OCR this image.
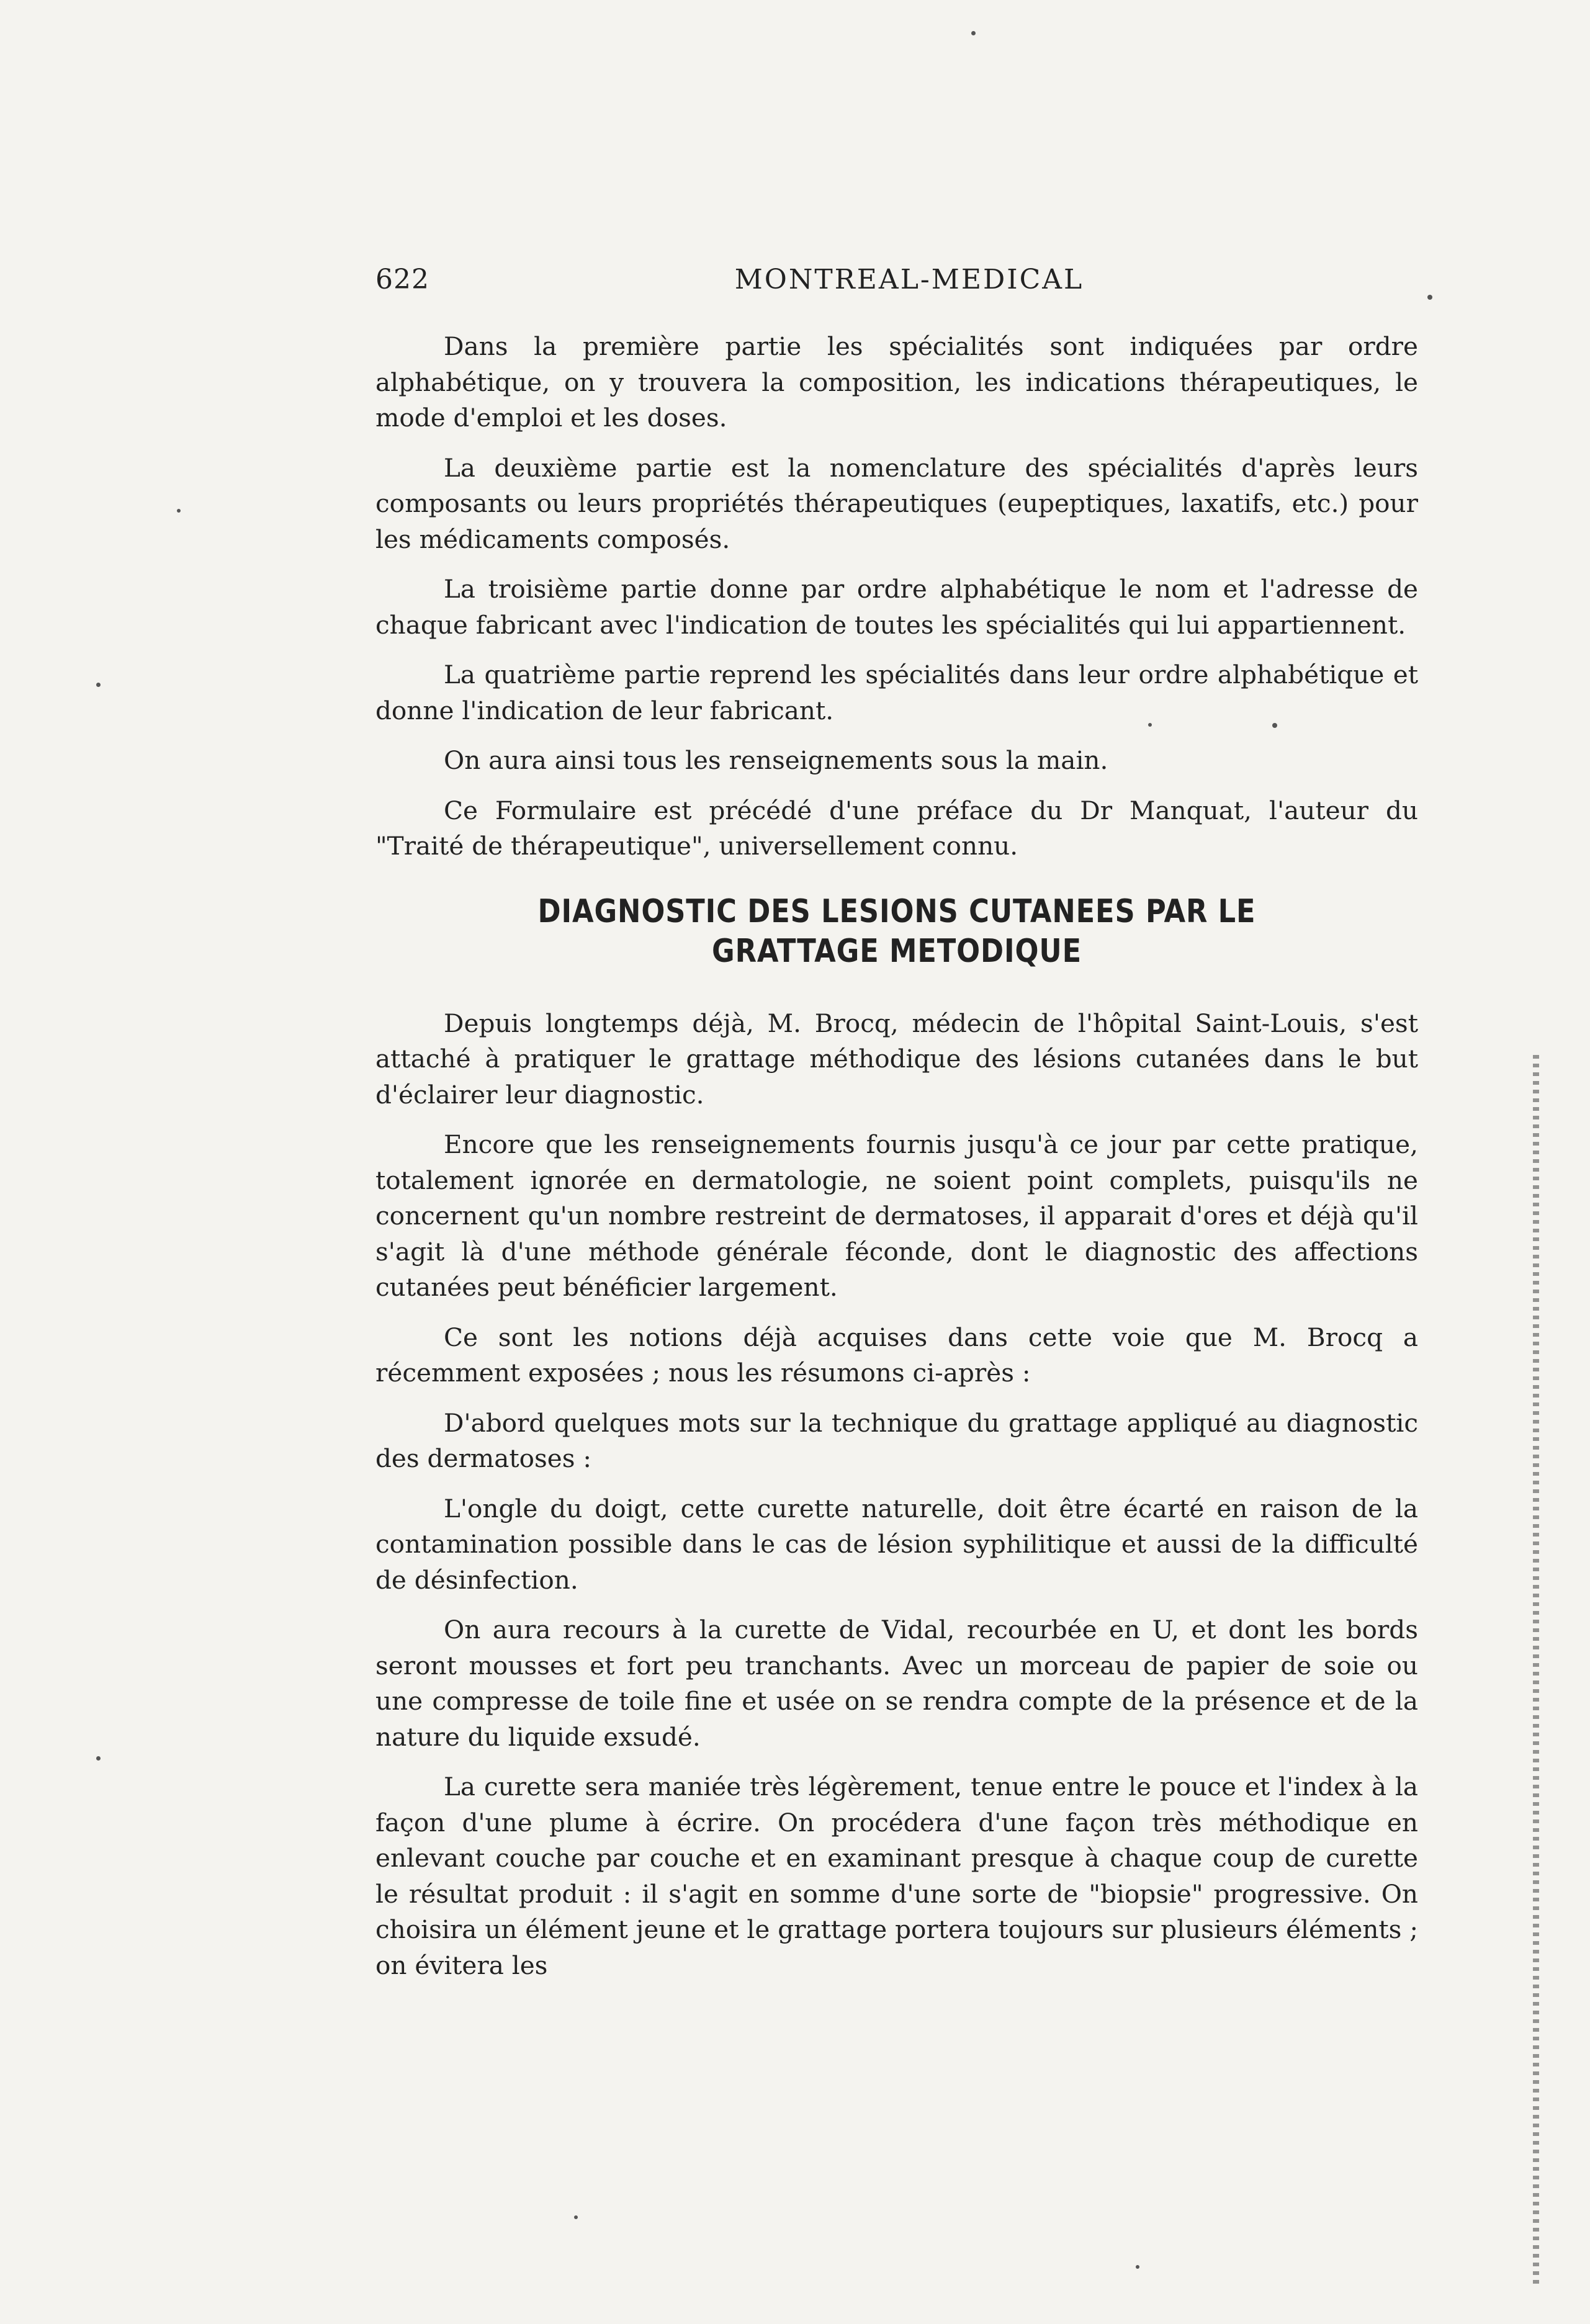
622	MONTREAL-MEDICAL

Dans la première partie les spécialités sont indiquées par ordre alphabétique, on y trouvera la composition, les indications thérapeutiques, le mode d'emploi et les doses.

La deuxième partie est la nomenclature des spécialités d'après leurs composants ou leurs propriétés thérapeutiques (eupeptiques, laxatifs, etc.) pour les médicaments composés.

La troisième partie donne par ordre alphabétique le nom et l'adresse de chaque fabricant avec l'indication de toutes les spécialités qui lui appartiennent.

La quatrième partie reprend les spécialités dans leur ordre alphabétique et donne l'indication de leur fabricant.

On aura ainsi tous les renseignements sous la main.

Ce Formulaire est précédé d'une préface du Dr Manquat, l'auteur du "Traité de thérapeutique", universellement connu.

DIAGNOSTIC DES LESIONS CUTANEES PAR LE GRATTAGE METODIQUE

Depuis longtemps déjà, M. Brocq, médecin de l'hôpital Saint-Louis, s'est attaché à pratiquer le grattage méthodique des lésions cutanées dans le but d'éclairer leur diagnostic.

Encore que les renseignements fournis jusqu'à ce jour par cette pratique, totalement ignorée en dermatologie, ne soient point complets, puisqu'ils ne concernent qu'un nombre restreint de dermatoses, il apparait d'ores et déjà qu'il s'agit là d'une méthode générale féconde, dont le diagnostic des affections cutanées peut bénéficier largement.

Ce sont les notions déjà acquises dans cette voie que M. Brocq a récemment exposées ; nous les résumons ci-après :

D'abord quelques mots sur la technique du grattage appliqué au diagnostic des dermatoses :

L'ongle du doigt, cette curette naturelle, doit être écarté en raison de la contamination possible dans le cas de lésion syphilitique et aussi de la difficulté de désinfection.

On aura recours à la curette de Vidal, recourbée en U, et dont les bords seront mousses et fort peu tranchants. Avec un morceau de papier de soie ou une compresse de toile fine et usée on se rendra compte de la présence et de la nature du liquide exsudé.

La curette sera maniée très légèrement, tenue entre le pouce et l'index à la façon d'une plume à écrire. On procédera d'une façon très méthodique en enlevant couche par couche et en examinant presque à chaque coup de curette le résultat produit : il s'agit en somme d'une sorte de "biopsie" progressive. On choisira un élément jeune et le grattage portera toujours sur plusieurs éléments ; on évitera les
